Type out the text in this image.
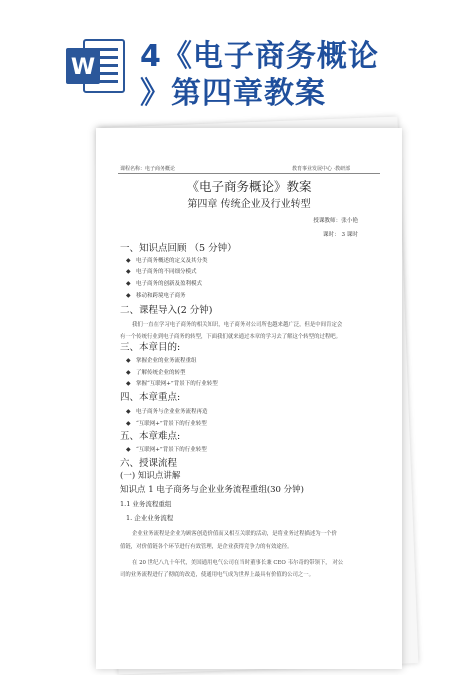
W 4《电子商务概论
》第四章教案
课程名称：电子商务概论	教育事业发展中心 ·教研部
《电子商务概论》教案
第四章 传统企业及行业转型
授课教师：张小艳
课时： 3 课时
一、知识点回顾 （5 分钟）
◆ 电子商务概述的定义及其分类
◆ 电子商务的不同细分模式
◆ 电子商务的创新及盈利模式
◆ 移动和跨境电子商务
二、课程导入(2 分钟)
我们一直在学习电子商务的相关知识，电子商务对公司所也越来越广泛，但是中间肯定会
有一个传统行业到电子商务的转型，下面我们就来通过本章的学习去了解这个转型的过程吧。
三、本章目的:
◆ 掌握企业的业务流程重组
◆ 了解传统企业的转型
◆ 掌握“互联网+”背景下的行业转型
四、本章重点:
◆ 电子商务与企业业务流程再造
◆ “互联网+”背景下的行业转型
五、本章难点:
◆ “互联网+”背景下的行业转型
六、授课流程
(一) 知识点讲解
知识点 1 电子商务与企业业务流程重组(30 分钟)
1.1 业务流程重组
1. 企业业务流程
企业业务流程是企业为顾客创造价值而又相互关联的活动，是将业务过程描述为一个价
值链，对价值链各个环节进行有效管理，是企业获得竞争力的有效途径。
在 20 世纪八九十年代，美国通用电气公司在当时董事长兼 CEO 韦尔奇的带领下， 对公
司的业务流程进行了彻底的改造，使通用电气成为世界上最具有价值的公司之一。
